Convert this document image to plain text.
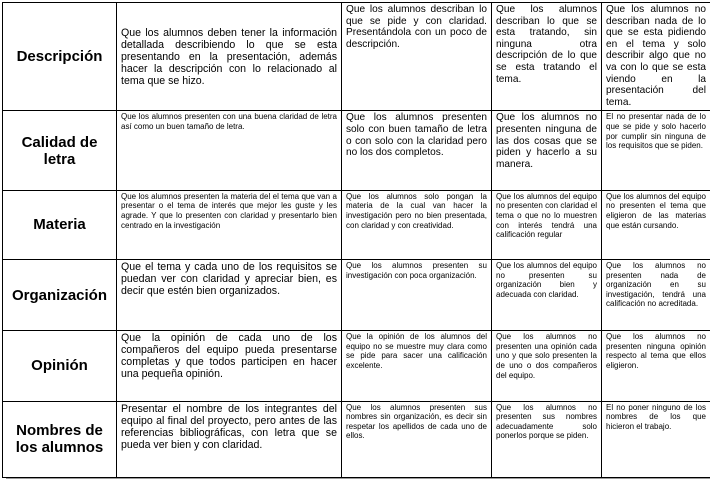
Descripción	Que los alumnos deben tener la información detallada describiendo lo que se esta presentando en la presentación, además hacer la descripción con lo relacionado al tema que se hizo.	Que los alumnos describan lo que se pide y con claridad. Presentándola con un poco de descripción.	Que los alumnos describan lo que se esta tratando, sin ninguna otra descripción de lo que se esta tratando el tema.	Que los alumnos no describan nada de lo que se esta pidiendo en el tema y solo describir algo que no va con lo que se esta viendo en la presentación del tema.
Calidad de letra	Que los alumnos presenten con una buena claridad de letra así como un buen tamaño de letra.	Que los alumnos presenten solo con buen tamaño de letra o con solo con la claridad pero no los dos completos.	Que los alumnos no presenten ninguna de las dos cosas que se piden y hacerlo a su manera.	El no presentar nada de lo que se pide y solo hacerlo por cumplir sin ninguna de los requisitos que se piden.
Materia	Que los alumnos presenten la materia del el tema que van a presentar o el tema de interés que mejor les guste y les agrade. Y que lo presenten con claridad y presentarlo bien centrado en la investigación	Que los alumnos solo pongan la materia de la cual van hacer la investigación pero no bien presentada, con claridad y con creatividad.	Que los alumnos del equipo no presenten con claridad el tema o que no lo muestren con interés tendrá una calificación regular	Que los alumnos del equipo no presenten el tema que eligieron de las materias que están cursando.
Organización	Que el tema y cada uno de los requisitos se puedan ver con claridad y apreciar bien, es decir que estén bien organizados.	Que los alumnos presenten su investigación con poca organización.	Que los alumnos del equipo no presenten su organización bien y adecuada con claridad.	Que los alumnos no presenten nada de organización en su investigación, tendrá una calificación no acreditada.
Opinión	Que la opinión de cada uno de los compañeros del equipo pueda presentarse completas y que todos participen en hacer una pequeña opinión.	Que la opinión de los alumnos del equipo no se muestre muy clara como se pide para sacer una calificación excelente.	Que los alumnos no presenten una opinión cada uno y que solo presenten la de uno o dos compañeros del equipo.	Que los alumnos no presenten ninguna opinión respecto al tema que ellos eligieron.
Nombres de los alumnos	Presentar el nombre de los integrantes del equipo al final del proyecto, pero antes de las referencias bibliográficas, con letra que se pueda ver bien y con claridad.	Que los alumnos presenten sus nombres sin organización, es decir sin respetar los apellidos de cada uno de ellos.	Que los alumnos no presenten sus nombres adecuadamente solo ponerlos porque se piden.	El no poner ninguno de los nombres de los que hicieron el trabajo.
